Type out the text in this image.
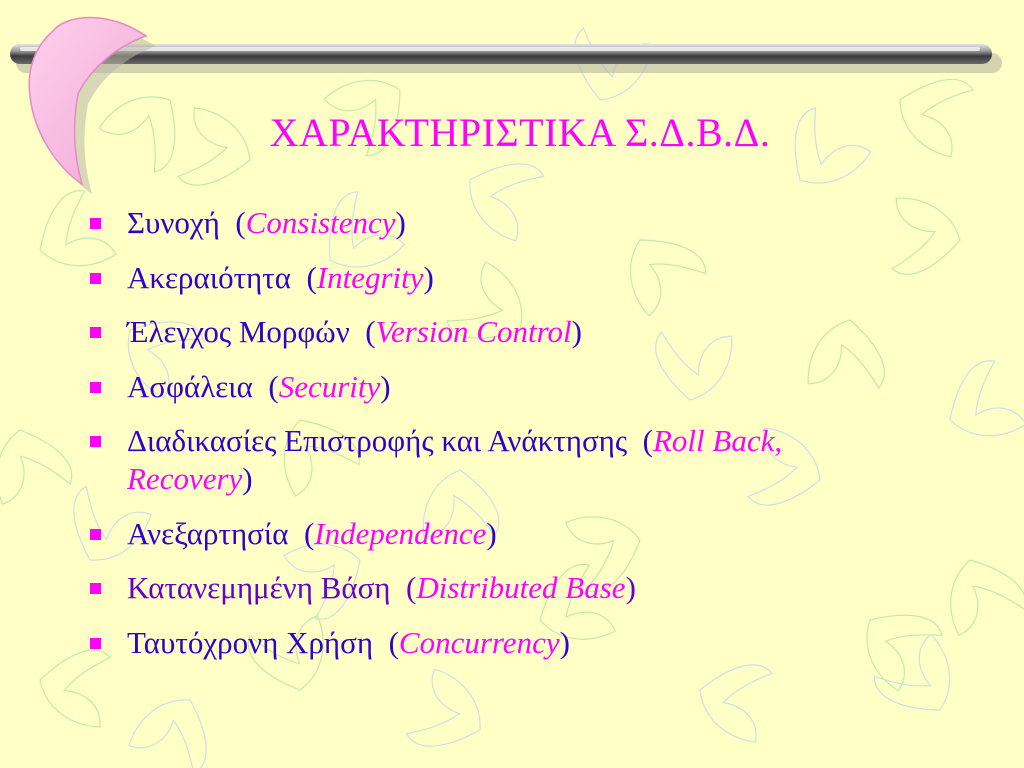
ΧΑΡΑΚΤΗΡΙΣΤΙΚΑ Σ.Δ.Β.Δ.
Συνοχή  (Consistency)
Ακεραιότητα  (Integrity)
Έλεγχος Μορφών  (Version Control)
Ασφάλεια  (Security)
Διαδικασίες Επιστροφής και Ανάκτησης  (Roll Back, Recovery)
Ανεξαρτησία  (Independence)
Κατανεμημένη Βάση  (Distributed Base)
Ταυτόχρονη Χρήση  (Concurrency)
